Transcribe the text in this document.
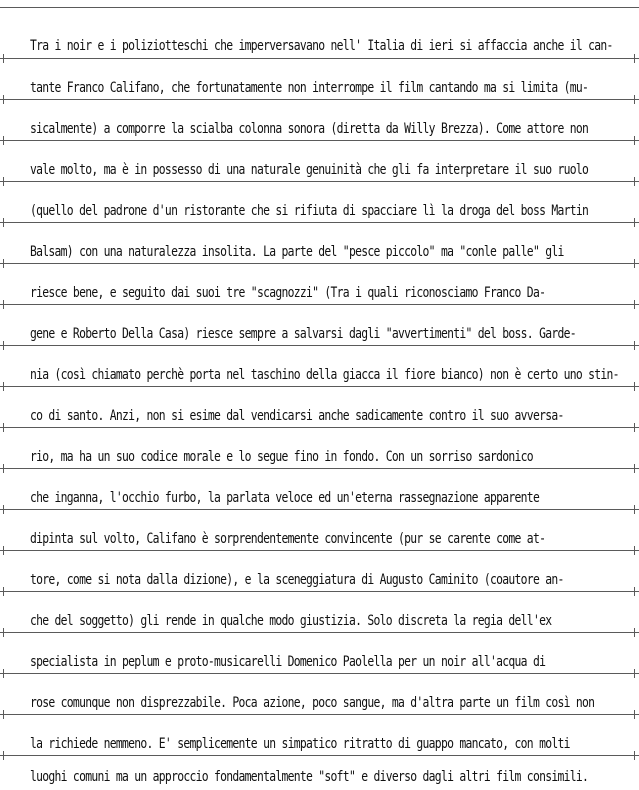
Tra i noir e i poliziotteschi che imperversavano nell' Italia di ieri si affaccia anche il can-
tante Franco Califano, che fortunatamente non interrompe il film cantando ma si limita (mu-
sicalmente) a comporre la scialba colonna sonora (diretta da Willy Brezza). Come attore non
vale molto, ma è in possesso di una naturale genuinità che gli fa interpretare il suo ruolo
(quello del padrone d'un ristorante che si rifiuta di spacciare lì la droga del boss Martin
Balsam) con una naturalezza insolita. La parte del "pesce piccolo" ma "conle palle" gli
riesce bene, e seguito dai suoi tre "scagnozzi" (Tra i quali riconosciamo Franco Da-
gene e Roberto Della Casa) riesce sempre a salvarsi dagli "avvertimenti" del boss. Garde-
nia (così chiamato perchè porta nel taschino della giacca il fiore bianco) non è certo uno stin-
co di santo. Anzi, non si esime dal vendicarsi anche sadicamente contro il suo avversa-
rio, ma ha un suo codice morale e lo segue fino in fondo. Con un sorriso sardonico
che inganna, l'occhio furbo, la parlata veloce ed un'eterna rassegnazione apparente
dipinta sul volto, Califano è sorprendentemente convincente (pur se carente come at-
tore, come si nota dalla dizione), e la sceneggiatura di Augusto Caminito (coautore an-
che del soggetto) gli rende in qualche modo giustizia. Solo discreta la regia dell'ex
specialista in peplum e proto-musicarelli Domenico Paolella per un noir all'acqua di
rose comunque non disprezzabile. Poca azione, poco sangue, ma d'altra parte un film così non
la richiede nemmeno. E' semplicemente un simpatico ritratto di guappo mancato, con molti
luoghi comuni ma un approccio fondamentalmente "soft" e diverso dagli altri film consimili.
